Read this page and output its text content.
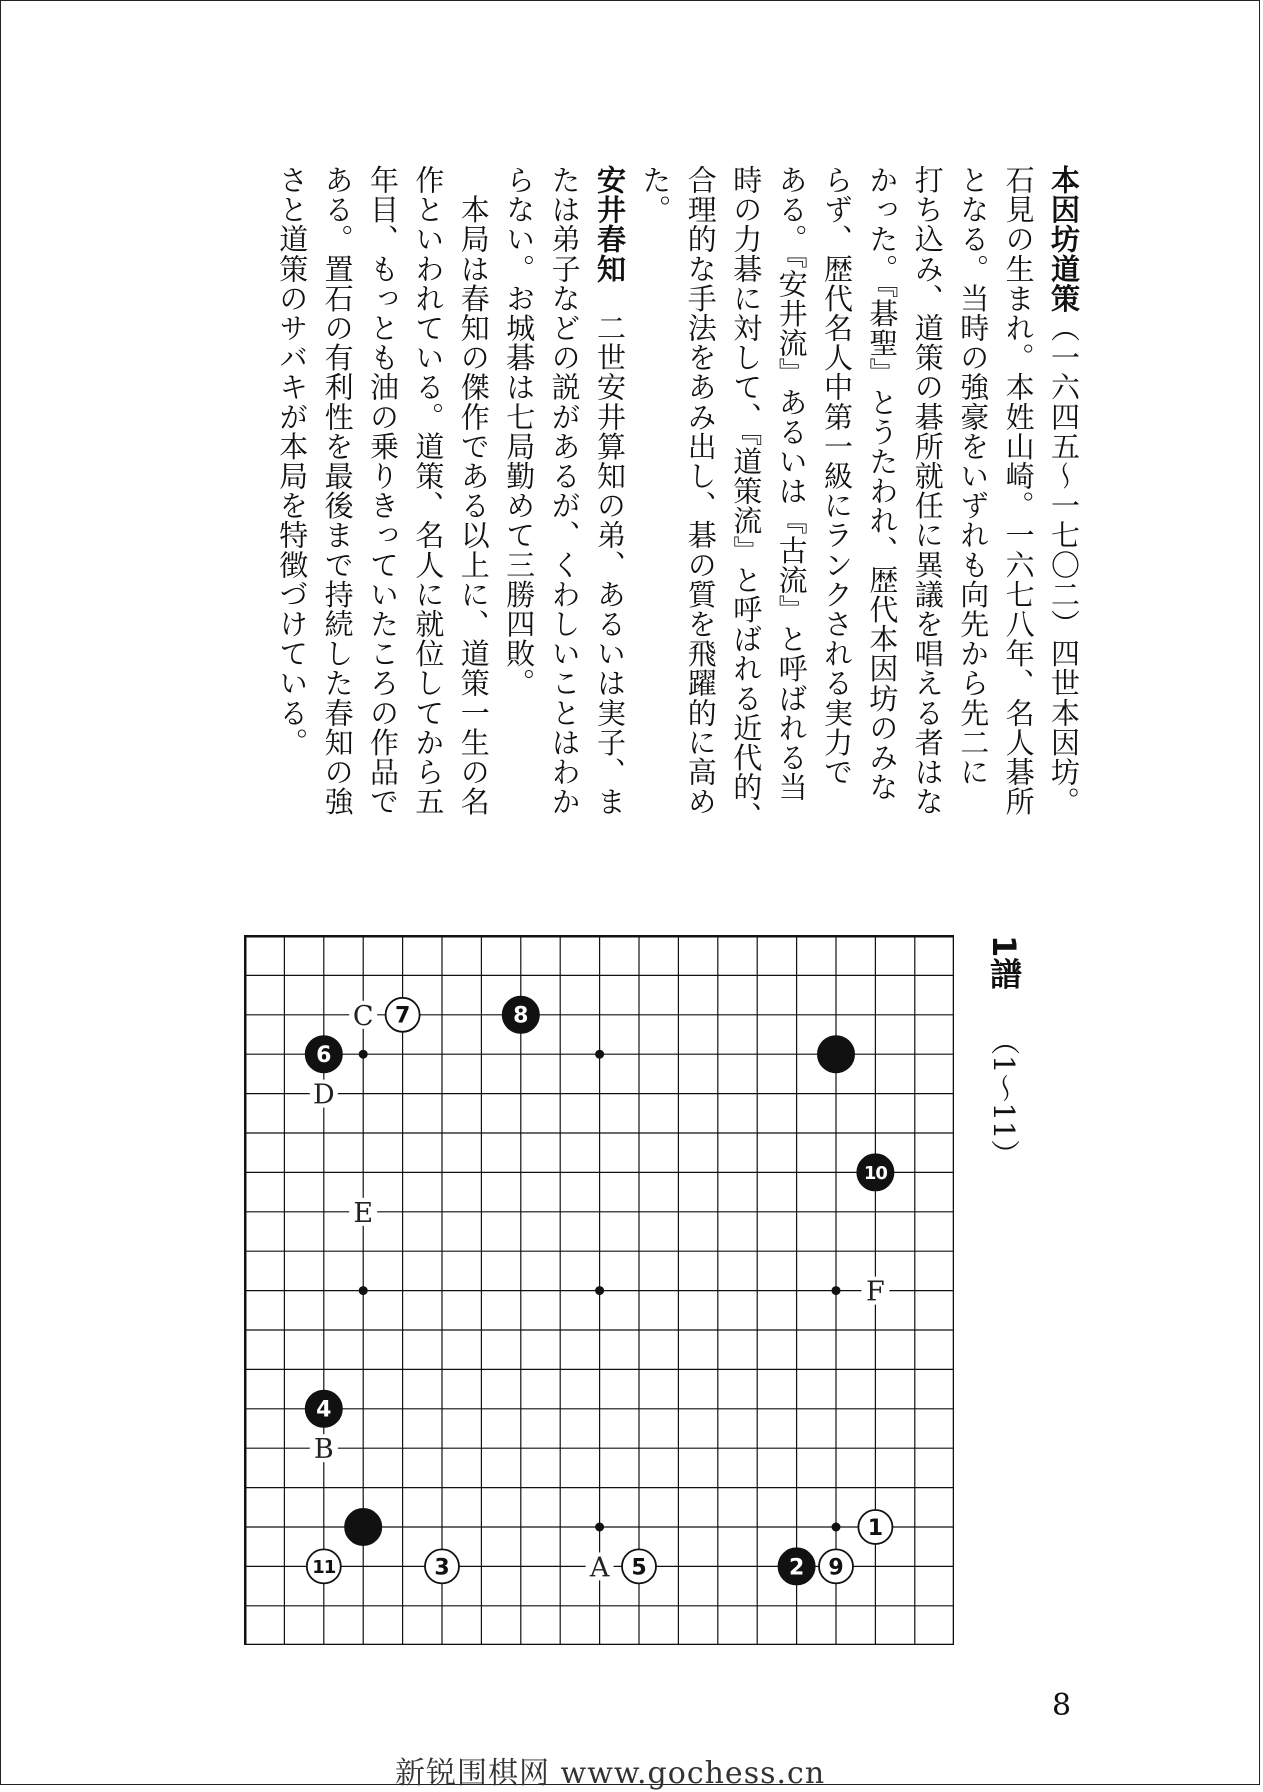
本因坊道策（一六四五～一七〇二）四世本因坊。
石見の生まれ。本姓山崎。一六七八年、名人碁所
となる。当時の強豪をいずれも向先から先二に
打ち込み、道策の碁所就任に異議を唱える者はな
かった。『碁聖』とうたわれ、歴代本因坊のみな
らず、歴代名人中第一級にランクされる実力で
ある。『安井流』あるいは『古流』と呼ばれる当
時の力碁に対して、『道策流』と呼ばれる近代的、
合理的な手法をあみ出し、碁の質を飛躍的に高め
た。
安井春知　二世安井算知の弟、あるいは実子、ま
たは弟子などの説があるが、くわしいことはわか
らない。お城碁は七局勤めて三勝四敗。
　本局は春知の傑作である以上に、道策一生の名
作といわれている。道策、名人に就位してから五
年目、もっとも油の乗りきっていたころの作品で
ある。置石の有利性を最後まで持続した春知の強
さと道策のサバキが本局を特徴づけている。
A
B
C
D
E
F
1
2
3
4
5
6
7	8
9
10
11
1譜
（1～11）
8
新锐围棋网 www.gochess.cn
